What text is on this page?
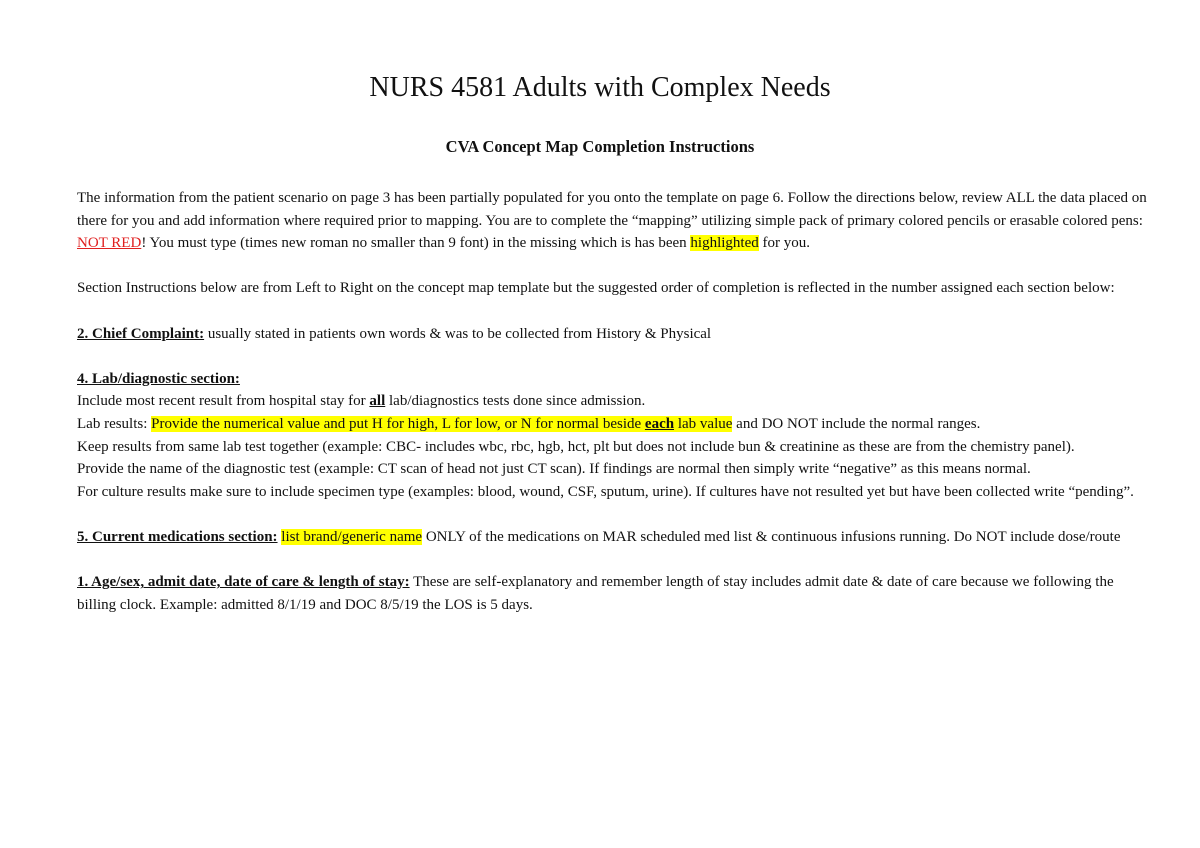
NURS 4581 Adults with Complex Needs
CVA Concept Map Completion Instructions

The information from the patient scenario on page 3 has been partially populated for you onto the template on page 6. Follow the directions below, review ALL the data placed on there for you and add information where required prior to mapping. You are to complete the “mapping” utilizing simple pack of primary colored pencils or erasable colored pens: NOT RED! You must type (times new roman no smaller than 9 font) in the missing which is has been highlighted for you.

Section Instructions below are from Left to Right on the concept map template but the suggested order of completion is reflected in the number assigned each section below:

2. Chief Complaint: usually stated in patients own words & was to be collected from History & Physical

4. Lab/diagnostic section:

Include most recent result from hospital stay for all lab/diagnostics tests done since admission.

Lab results: Provide the numerical value and put H for high, L for low, or N for normal beside each lab value and DO NOT include the normal ranges.

Keep results from same lab test together (example: CBC- includes wbc, rbc, hgb, hct, plt but does not include bun & creatinine as these are from the chemistry panel).

Provide the name of the diagnostic test (example: CT scan of head not just CT scan). If findings are normal then simply write “negative” as this means normal.

For culture results make sure to include specimen type (examples: blood, wound, CSF, sputum, urine). If cultures have not resulted yet but have been collected write “pending”.

5. Current medications section: list brand/generic name ONLY of the medications on MAR scheduled med list & continuous infusions running. Do NOT include dose/route

1. Age/sex, admit date, date of care & length of stay: These are self-explanatory and remember length of stay includes admit date & date of care because we following the billing clock. Example: admitted 8/1/19 and DOC 8/5/19 the LOS is 5 days.
